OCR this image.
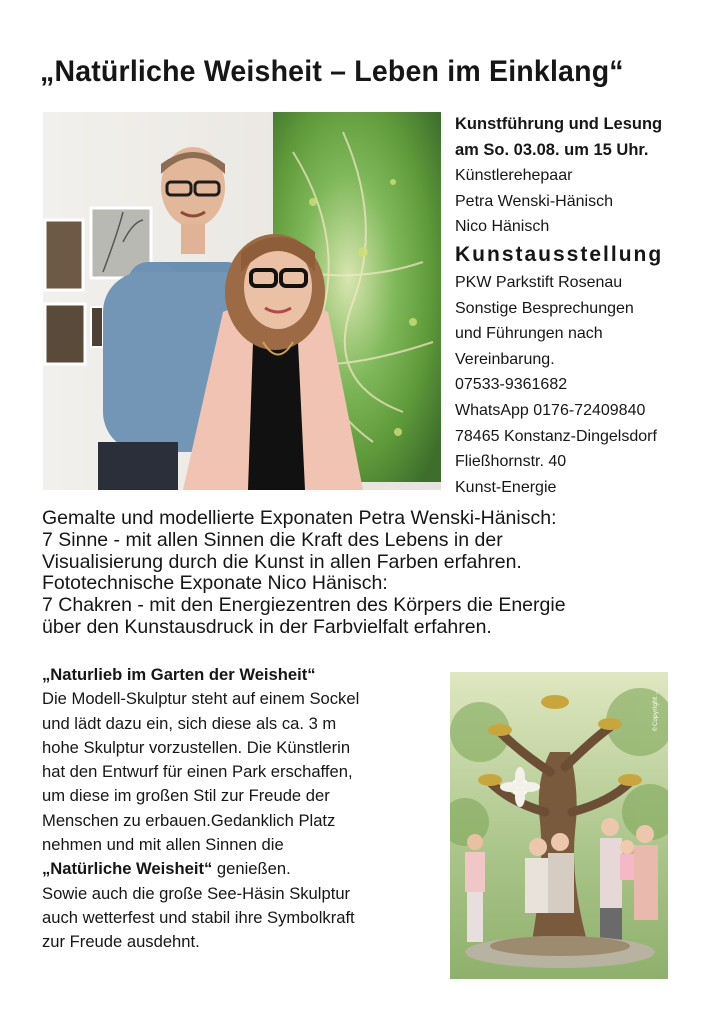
„Natürliche Weisheit – Leben im Einklang“
Kunstführung und Lesung
am So. 03.08. um 15 Uhr.
Künstlerehepaar
Petra Wenski-Hänisch
Nico Hänisch
Kunstausstellung
PKW Parkstift Rosenau
Sonstige Besprechungen
und Führungen nach
Vereinbarung.
07533-9361682
WhatsApp 0176-72409840
78465 Konstanz-Dingelsdorf
Fließhornstr. 40
Kunst-Energie
Gemalte und modellierte Exponaten Petra Wenski-Hänisch:
7 Sinne - mit allen Sinnen die Kraft des Lebens in der
Visualisierung durch die Kunst in allen Farben erfahren.
Fototechnische Exponate Nico Hänisch:
7 Chakren - mit den Energiezentren des Körpers die Energie
über den Kunstausdruck in der Farbvielfalt erfahren.
„Naturlieb im Garten der Weisheit“
Die Modell-Skulptur steht auf einem Sockel
und lädt dazu ein, sich diese als ca. 3 m
hohe Skulptur vorzustellen. Die Künstlerin
hat den Entwurf für einen Park erschaffen,
um diese im großen Stil zur Freude der
Menschen zu erbauen.Gedanklich Platz
nehmen und mit allen Sinnen die
„Natürliche Weisheit“ genießen.
Sowie auch die große See-Häsin Skulptur
auch wetterfest und stabil ihre Symbolkraft
zur Freude ausdehnt.
©Copyright ...
